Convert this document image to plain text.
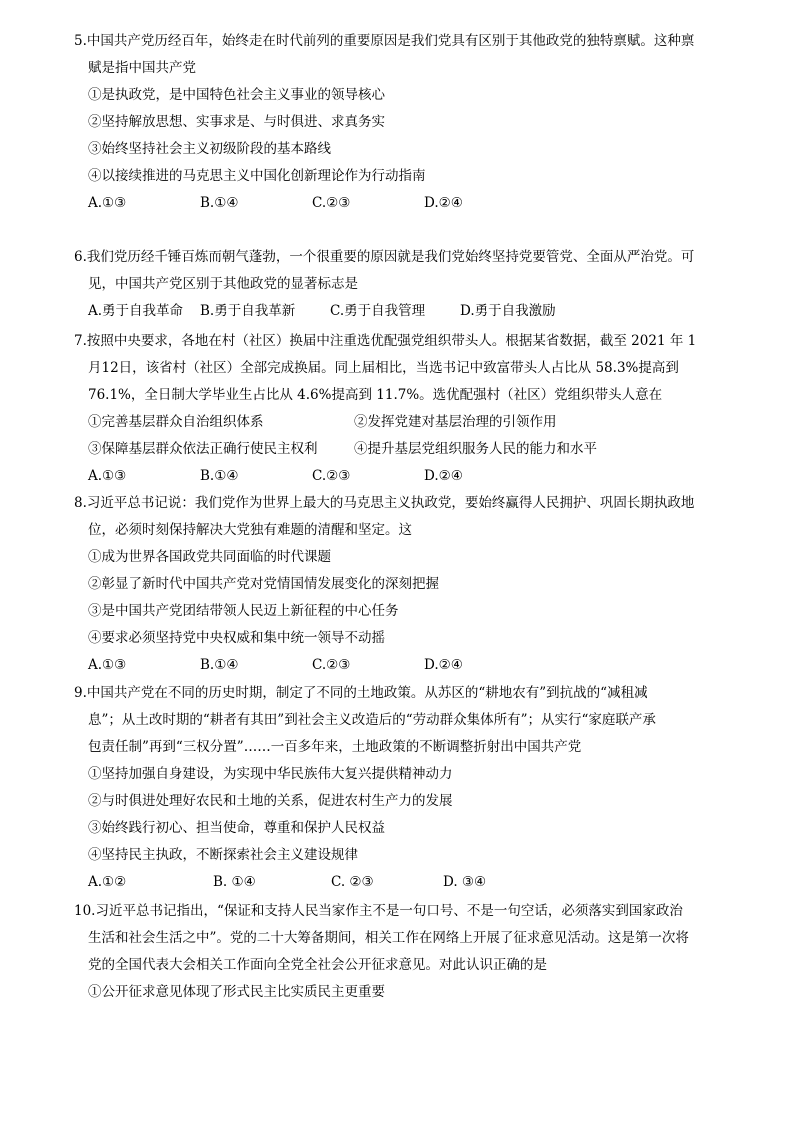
5.中国共产党历经百年，始终走在时代前列的重要原因是我们党具有区别于其他政党的独特禀赋。这种禀
赋是指中国共产党
①是执政党，是中国特色社会主义事业的领导核心
②坚持解放思想、实事求是、与时俱进、求真务实
③始终坚持社会主义初级阶段的基本路线
④以接续推进的马克思主义中国化创新理论作为行动指南
A.①③	B.①④	C.②③	D.②④
6.我们党历经千锤百炼而朝气蓬勃，一个很重要的原因就是我们党始终坚持党要管党、全面从严治党。可
见，中国共产党区别于其他政党的显著标志是
A.勇于自我革命	B.勇于自我革新	C.勇于自我管理	D.勇于自我激励
7.按照中央要求，各地在村（社区）换届中注重选优配强党组织带头人。根据某省数据，截至 2021 年 1
月12日，该省村（社区）全部完成换届。同上届相比，当选书记中致富带头人占比从 58.3%提高到
76.1%，全日制大学毕业生占比从 4.6%提高到 11.7%。选优配强村（社区）党组织带头人意在
①完善基层群众自治组织体系	②发挥党建对基层治理的引领作用
③保障基层群众依法正确行使民主权利	④提升基层党组织服务人民的能力和水平
A.①③	B.①④	C.②③	D.②④
8.习近平总书记说：我们党作为世界上最大的马克思主义执政党，要始终赢得人民拥护、巩固长期执政地
位，必须时刻保持解决大党独有难题的清醒和坚定。这
①成为世界各国政党共同面临的时代课题
②彰显了新时代中国共产党对党情国情发展变化的深刻把握
③是中国共产党团结带领人民迈上新征程的中心任务
④要求必须坚持党中央权威和集中统一领导不动摇
A.①③	B.①④	C.②③	D.②④
9.中国共产党在不同的历史时期，制定了不同的土地政策。从苏区的“耕地农有”到抗战的“减租减
息”；从土改时期的“耕者有其田”到社会主义改造后的“劳动群众集体所有”；从实行“家庭联产承
包责任制”再到“三权分置”……一百多年来，土地政策的不断调整折射出中国共产党
①坚持加强自身建设，为实现中华民族伟大复兴提供精神动力
②与时俱进处理好农民和土地的关系，促进农村生产力的发展
③始终践行初心、担当使命，尊重和保护人民权益
④坚持民主执政，不断探索社会主义建设规律
A.①②	B. ①④	C. ②③	D. ③④
10.习近平总书记指出，“保证和支持人民当家作主不是一句口号、不是一句空话，必须落实到国家政治
生活和社会生活之中”。党的二十大筹备期间，相关工作在网络上开展了征求意见活动。这是第一次将
党的全国代表大会相关工作面向全党全社会公开征求意见。对此认识正确的是
①公开征求意见体现了形式民主比实质民主更重要
